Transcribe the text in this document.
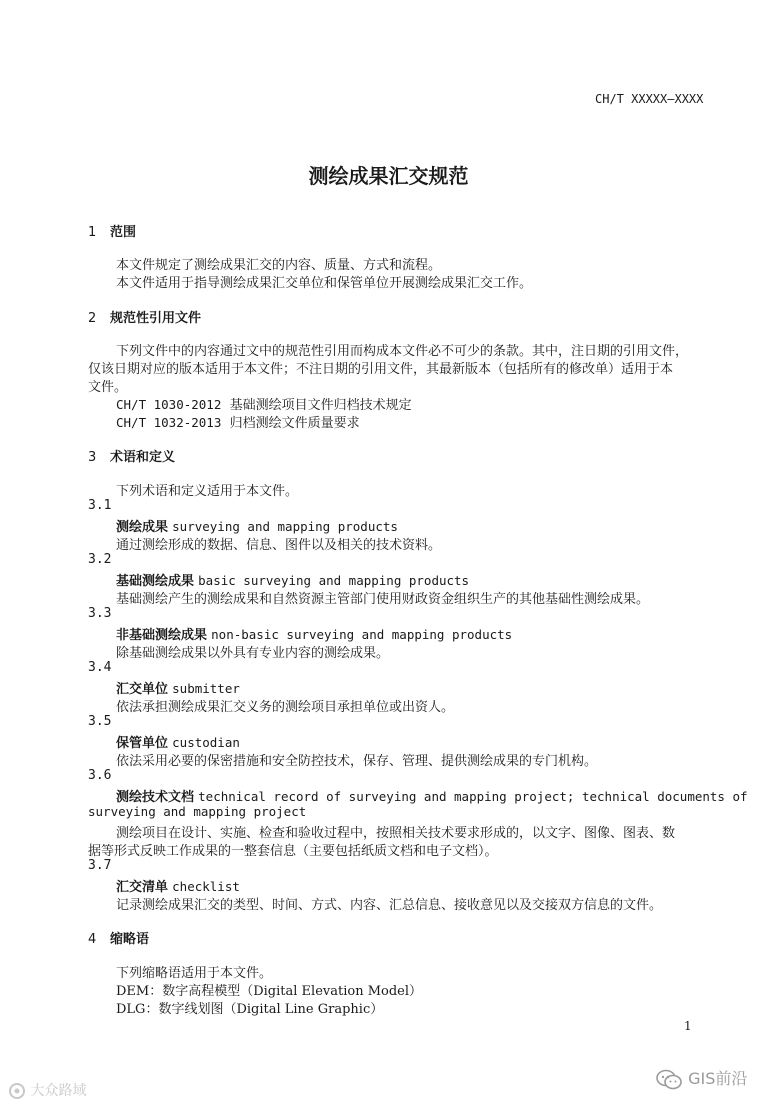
CH/T XXXXX—XXXX
测绘成果汇交规范
1 范围
本文件规定了测绘成果汇交的内容、质量、方式和流程。
本文件适用于指导测绘成果汇交单位和保管单位开展测绘成果汇交工作。
2 规范性引用文件
下列文件中的内容通过文中的规范性引用而构成本文件必不可少的条款。其中，注日期的引用文件，
仅该日期对应的版本适用于本文件；不注日期的引用文件，其最新版本（包括所有的修改单）适用于本
文件。
CH/T 1030-2012 基础测绘项目文件归档技术规定
CH/T 1032-2013 归档测绘文件质量要求
3 术语和定义
下列术语和定义适用于本文件。
3.1
测绘成果 surveying and mapping products
通过测绘形成的数据、信息、图件以及相关的技术资料。
3.2
基础测绘成果 basic surveying and mapping products
基础测绘产生的测绘成果和自然资源主管部门使用财政资金组织生产的其他基础性测绘成果。
3.3
非基础测绘成果 non-basic surveying and mapping products
除基础测绘成果以外具有专业内容的测绘成果。
3.4
汇交单位 submitter
依法承担测绘成果汇交义务的测绘项目承担单位或出资人。
3.5
保管单位 custodian
依法采用必要的保密措施和安全防控技术，保存、管理、提供测绘成果的专门机构。
3.6
测绘技术文档 technical record of surveying and mapping project; technical documents of
surveying and mapping project
测绘项目在设计、实施、检查和验收过程中，按照相关技术要求形成的，以文字、图像、图表、数
据等形式反映工作成果的一整套信息（主要包括纸质文档和电子文档）。
3.7
汇交清单 checklist
记录测绘成果汇交的类型、时间、方式、内容、汇总信息、接收意见以及交接双方信息的文件。
4 缩略语
下列缩略语适用于本文件。
DEM：数字高程模型（Digital Elevation Model）
DLG：数字线划图（Digital Line Graphic）
1
大众路域
GIS前沿
